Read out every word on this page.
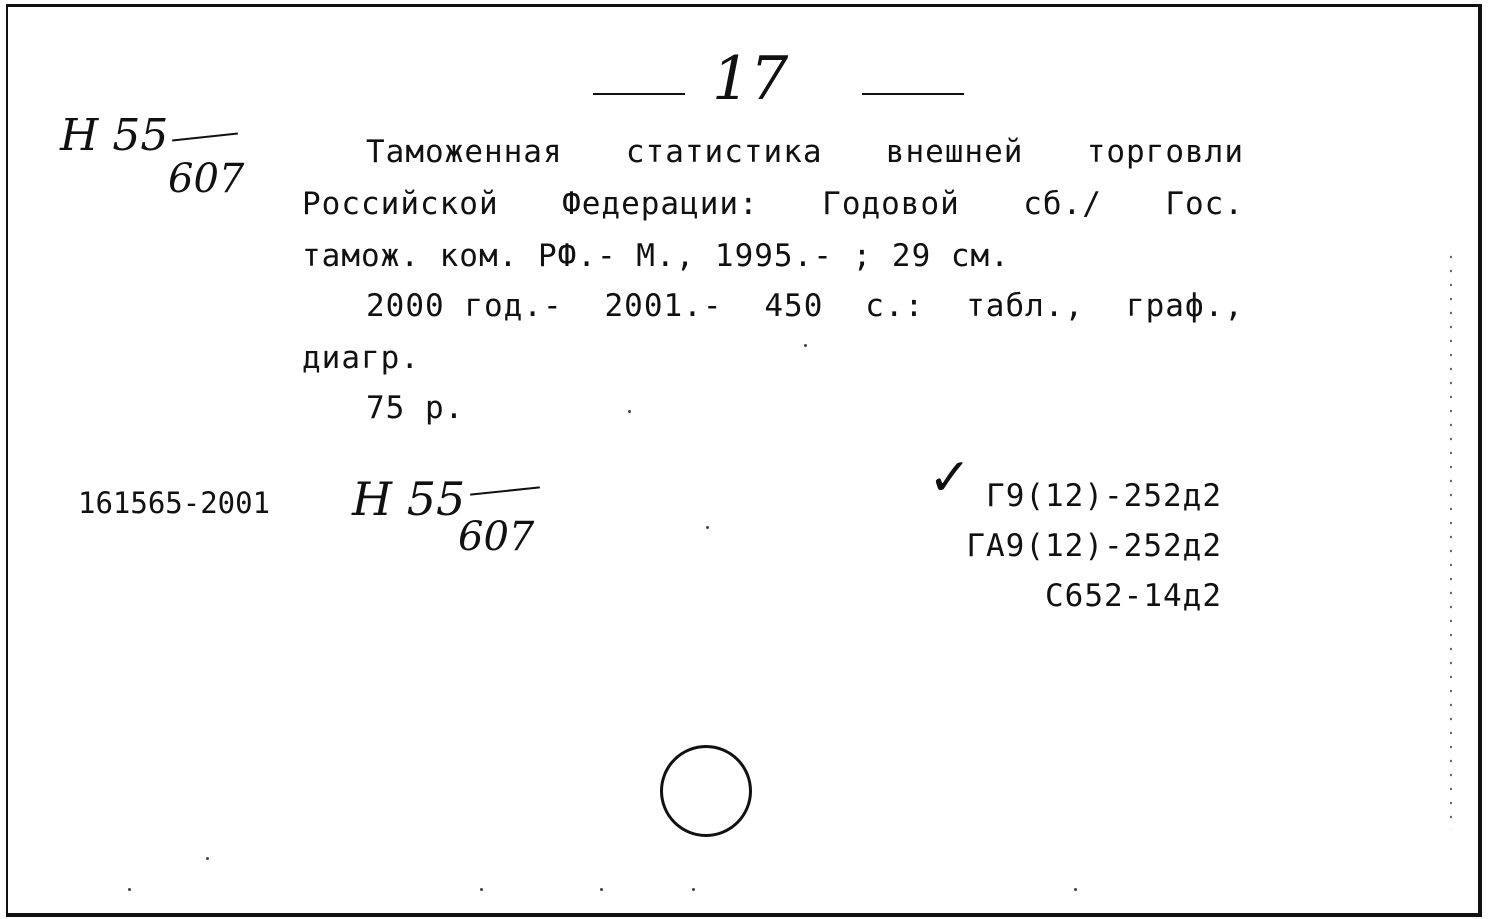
17
Н 55
607
Таможенная статистика внешней торговли
Российской Федерации: Годовой сб./ Гос.
тамож. ком. РФ.- М., 1995.- ; 29 см.
2000 год.- 2001.- 450 с.: табл., граф.,
диагр.
75 р.
161565-2001 Н 55
607
✓ Г9(12)-252д2
ГА9(12)-252д2
С652-14д2
